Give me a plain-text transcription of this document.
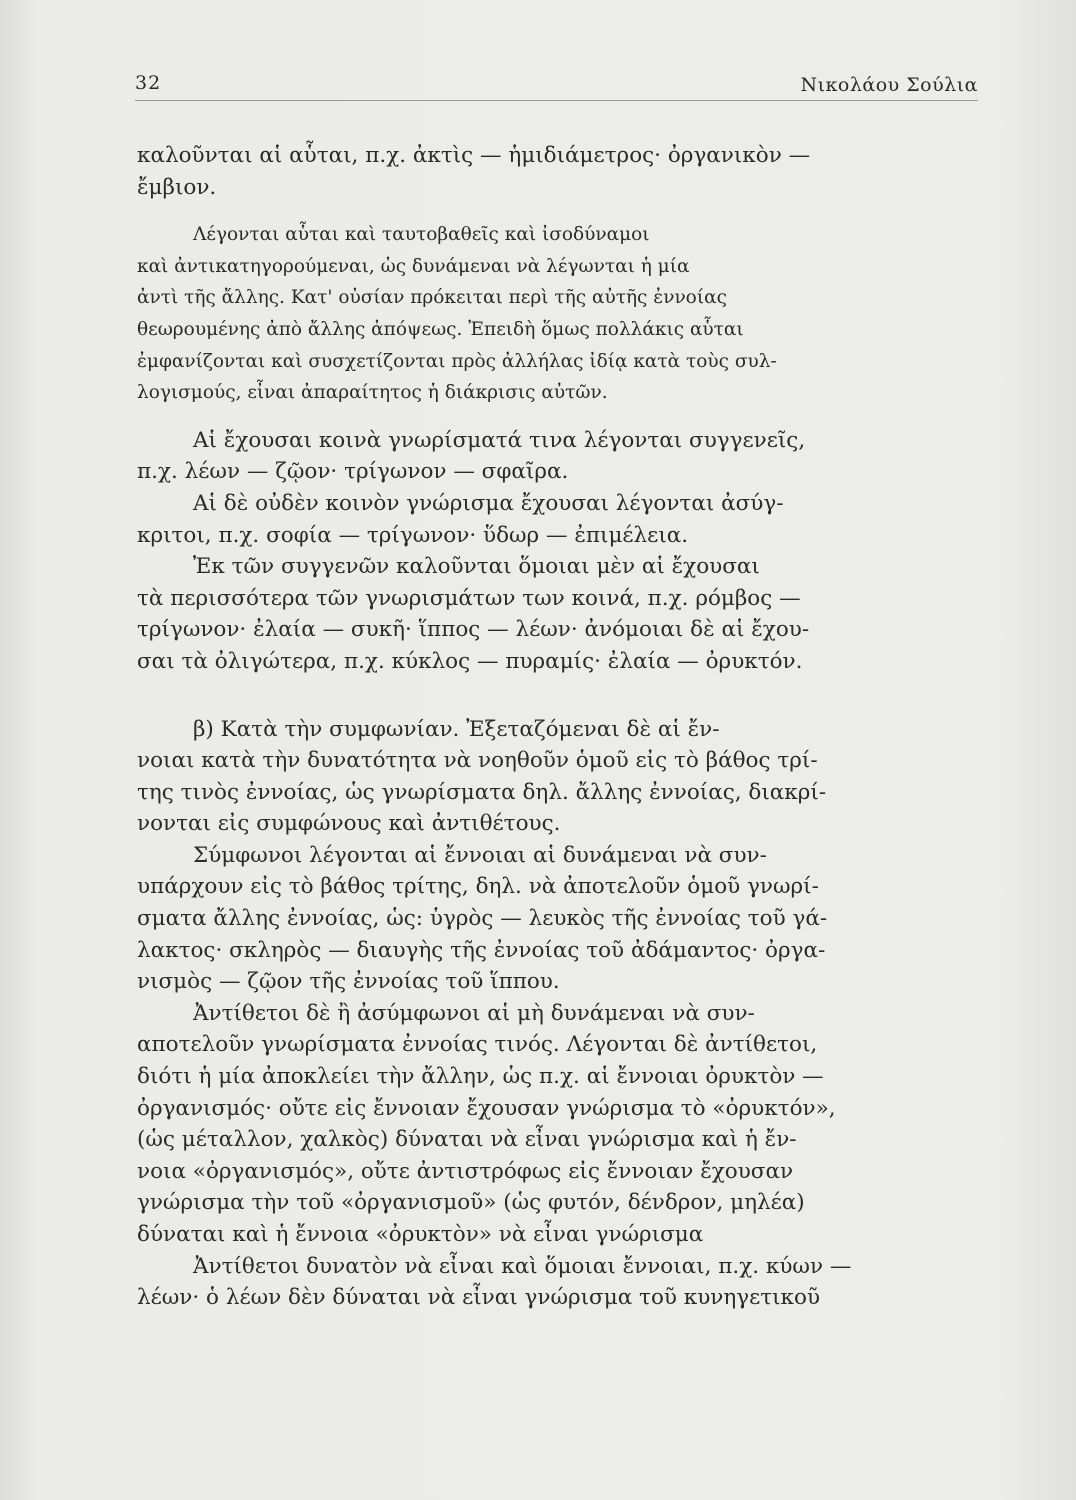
32	Νικολάου Σούλια
καλοῦνται αἱ αὗται, π.χ. ἀκτὶς — ἡμιδιάμετρος· ὀργανικὸν —
ἔμβιον.
Λέγονται αὗται καὶ ταυτοβαθεῖς καὶ ἰσοδύναμοι
καὶ ἀντικατηγορούμεναι, ὡς δυνάμεναι νὰ λέγωνται ἡ μία
ἀντὶ τῆς ἄλλης. Κατ' οὐσίαν πρόκειται περὶ τῆς αὐτῆς ἐννοίας
θεωρουμένης ἀπὸ ἄλλης ἀπόψεως. Ἐπειδὴ ὅμως πολλάκις αὗται
ἐμφανίζονται καὶ συσχετίζονται πρὸς ἀλλήλας ἰδίᾳ κατὰ τοὺς συλ-
λογισμούς, εἶναι ἀπαραίτητος ἡ διάκρισις αὐτῶν.
Αἱ ἔχουσαι κοινὰ γνωρίσματά τινα λέγονται συγγενεῖς,
π.χ. λέων — ζῷον· τρίγωνον — σφαῖρα.
Αἱ δὲ οὐδὲν κοινὸν γνώρισμα ἔχουσαι λέγονται ἀσύγ-
κριτοι, π.χ. σοφία — τρίγωνον· ὕδωρ — ἐπιμέλεια.
Ἐκ τῶν συγγενῶν καλοῦνται ὅμοιαι μὲν αἱ ἔχουσαι
τὰ περισσότερα τῶν γνωρισμάτων των κοινά, π.χ. ρόμβος —
τρίγωνον· ἐλαία — συκῆ· ἵππος — λέων· ἀνόμοιαι δὲ αἱ ἔχου-
σαι τὰ ὀλιγώτερα, π.χ. κύκλος — πυραμίς· ἐλαία — ὀρυκτόν.
β) Κατὰ τὴν συμφωνίαν. Ἐξεταζόμεναι δὲ αἱ ἔν-
νοιαι κατὰ τὴν δυνατότητα νὰ νοηθοῦν ὁμοῦ εἰς τὸ βάθος τρί-
της τινὸς ἐννοίας, ὡς γνωρίσματα δηλ. ἄλλης ἐννοίας, διακρί-
νονται εἰς συμφώνους καὶ ἀντιθέτους.
Σύμφωνοι λέγονται αἱ ἔννοιαι αἱ δυνάμεναι νὰ συν-
υπάρχουν εἰς τὸ βάθος τρίτης, δηλ. νὰ ἀποτελοῦν ὁμοῦ γνωρί-
σματα ἄλλης ἐννοίας, ὡς: ὑγρὸς — λευκὸς τῆς ἐννοίας τοῦ γά-
λακτος· σκληρὸς — διαυγὴς τῆς ἐννοίας τοῦ ἀδάμαντος· ὀργα-
νισμὸς — ζῷον τῆς ἐννοίας τοῦ ἵππου.
Ἀντίθετοι δὲ ἢ ἀσύμφωνοι αἱ μὴ δυνάμεναι νὰ συν-
αποτελοῦν γνωρίσματα ἐννοίας τινός. Λέγονται δὲ ἀντίθετοι,
διότι ἡ μία ἀποκλείει τὴν ἄλλην, ὡς π.χ. αἱ ἔννοιαι ὀρυκτὸν —
ὀργανισμός· οὔτε εἰς ἔννοιαν ἔχουσαν γνώρισμα τὸ «ὀρυκτόν»,
(ὡς μέταλλον, χαλκὸς) δύναται νὰ εἶναι γνώρισμα καὶ ἡ ἔν-
νοια «ὀργανισμός», οὔτε ἀντιστρόφως εἰς ἔννοιαν ἔχουσαν
γνώρισμα τὴν τοῦ «ὀργανισμοῦ» (ὡς φυτόν, δένδρον, μηλέα)
δύναται καὶ ἡ ἔννοια «ὀρυκτὸν» νὰ εἶναι γνώρισμα
Ἀντίθετοι δυνατὸν νὰ εἶναι καὶ ὅμοιαι ἔννοιαι, π.χ. κύων —
λέων· ὁ λέων δὲν δύναται νὰ εἶναι γνώρισμα τοῦ κυνηγετικοῦ
